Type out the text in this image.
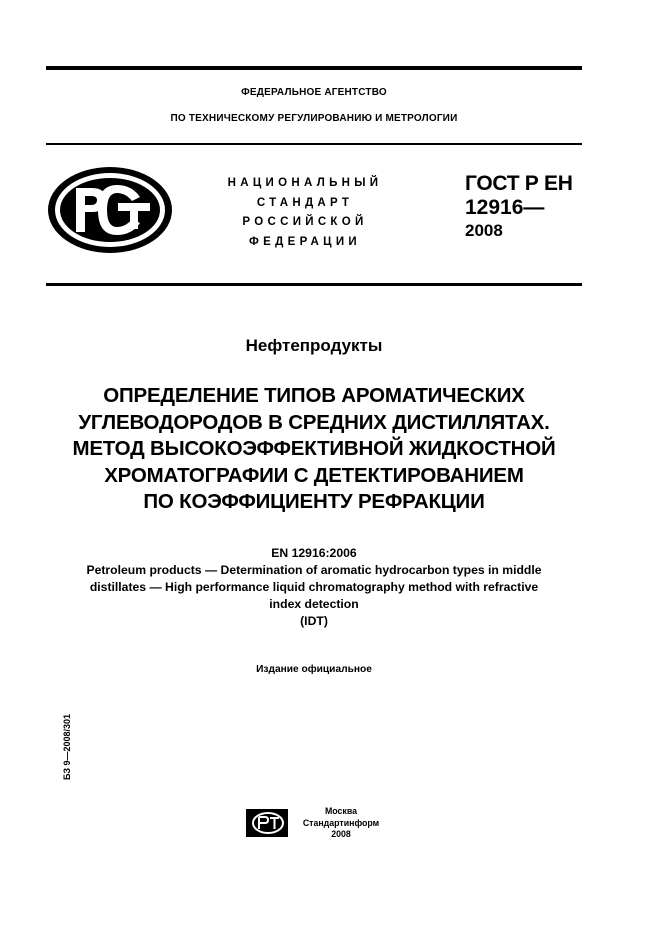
ФЕДЕРАЛЬНОЕ АГЕНТСТВО
ПО ТЕХНИЧЕСКОМУ РЕГУЛИРОВАНИЮ И МЕТРОЛОГИИ
НАЦИОНАЛЬНЫЙ
СТАНДАРТ
РОССИЙСКОЙ
ФЕДЕРАЦИИ
ГОСТ Р ЕН
12916—
2008
Нефтепродукты
ОПРЕДЕЛЕНИЕ ТИПОВ АРОМАТИЧЕСКИХ
УГЛЕВОДОРОДОВ В СРЕДНИХ ДИСТИЛЛЯТАХ.
МЕТОД ВЫСОКОЭФФЕКТИВНОЙ ЖИДКОСТНОЙ
ХРОМАТОГРАФИИ С ДЕТЕКТИРОВАНИЕМ
ПО КОЭФФИЦИЕНТУ РЕФРАКЦИИ
EN 12916:2006
Petroleum products — Determination of aromatic hydrocarbon types in middle
distillates — High performance liquid chromatography method with refractive
index detection
(IDT)
Издание официальное
БЗ 9—2008/301
Москва
Стандартинформ
2008
